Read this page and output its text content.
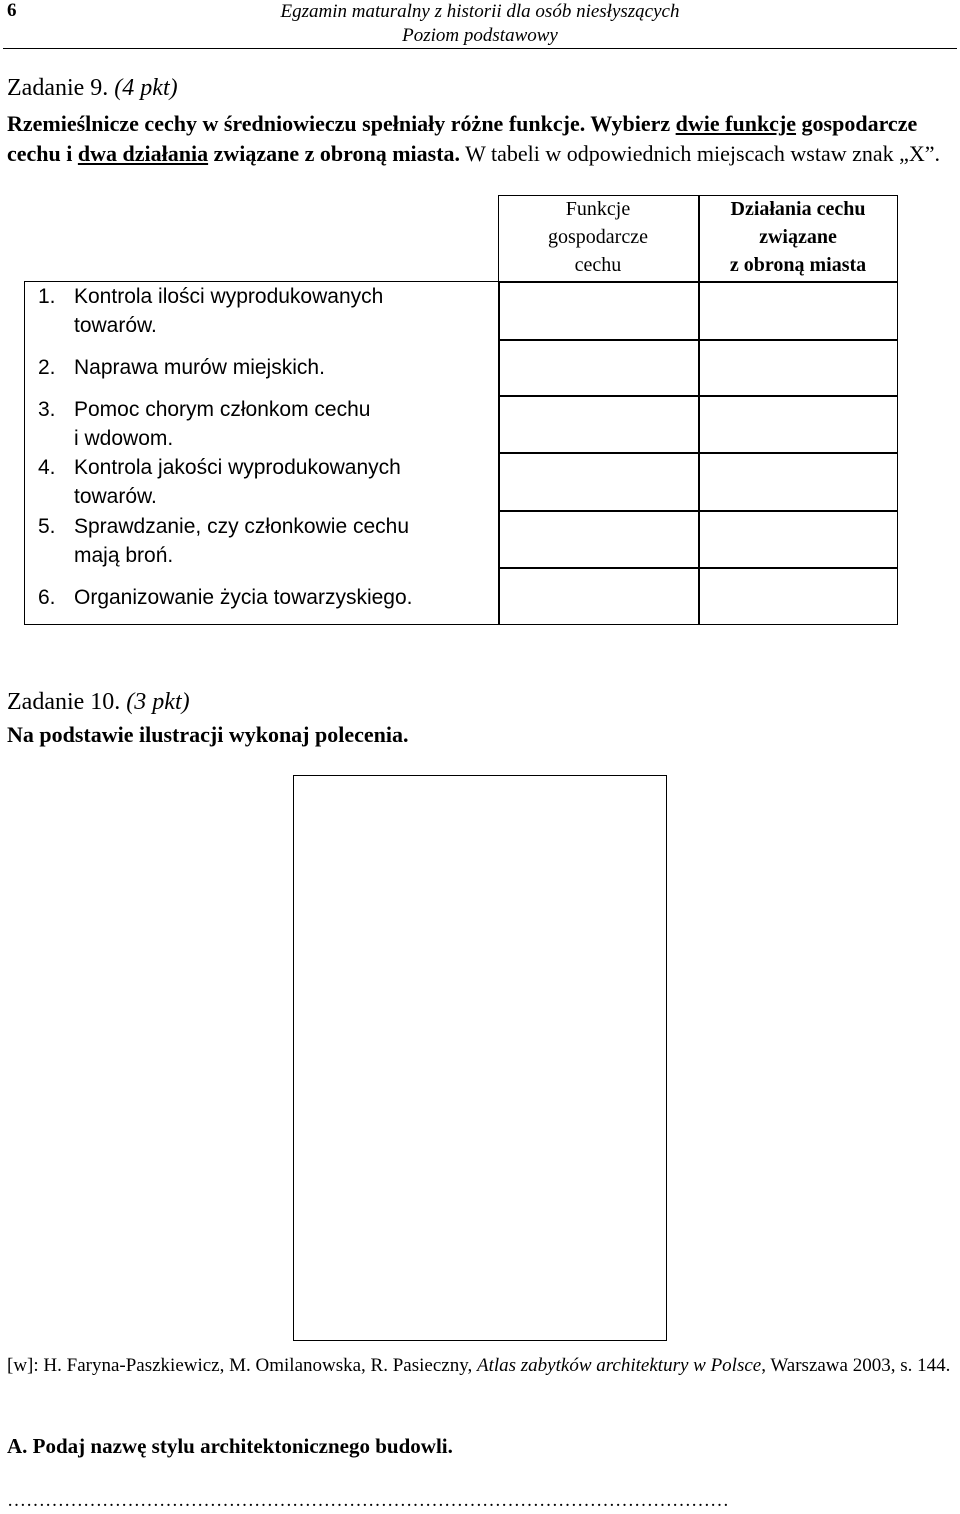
6	Egzamin maturalny z historii dla osób niesłyszących
Poziom podstawowy
Zadanie 9. (4 pkt)
Rzemieślnicze cechy w średniowieczu spełniały różne funkcje. Wybierz dwie funkcje gospodarcze cechu i dwa działania związane z obroną miasta. W tabeli w odpowiednich miejscach wstaw znak „X”.
Funkcje
gospodarcze
cechu
Działania cechu
związane
z obroną miasta
1. Kontrola ilości wyprodukowanych
towarów.
2. Naprawa murów miejskich.
3. Pomoc chorym członkom cechu
i wdowom.
4. Kontrola jakości wyprodukowanych
towarów.
5. Sprawdzanie, czy członkowie cechu
mają broń.
6. Organizowanie życia towarzyskiego.
Zadanie 10. (3 pkt)
Na podstawie ilustracji wykonaj polecenia.
[w]: H. Faryna-Paszkiewicz, M. Omilanowska, R. Pasieczny, Atlas zabytków architektury w Polsce, Warszawa 2003, s. 144.
A. Podaj nazwę stylu architektonicznego budowli.
……………………………………………………………………………………………………
